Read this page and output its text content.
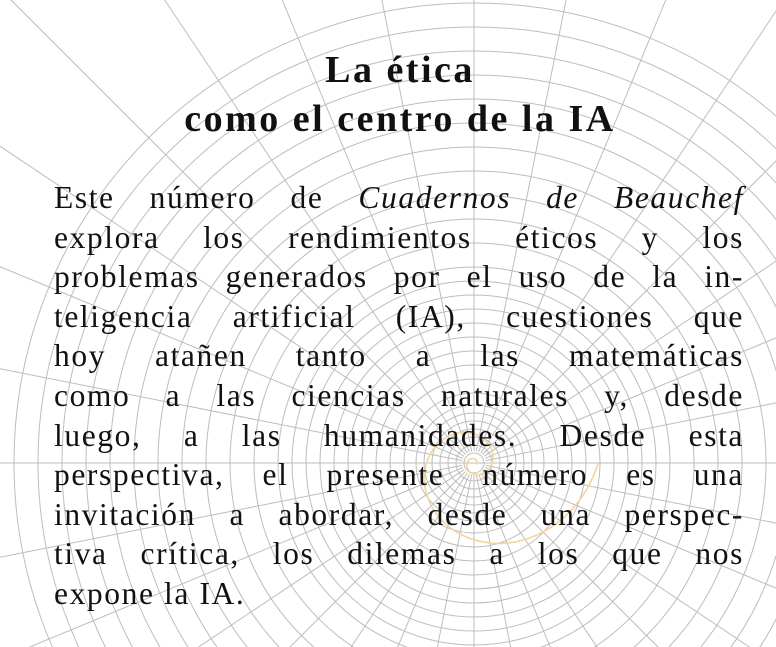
La ética
como el centro de la IA
Este número de Cuadernos de Beauchef
explora los rendimientos éticos y los
problemas generados por el uso de la in-
teligencia artificial (IA), cuestiones que
hoy atañen tanto a las matemáticas
como a las ciencias naturales y, desde
luego, a las humanidades. Desde esta
perspectiva, el presente número es una
invitación a abordar, desde una perspec-
tiva crítica, los dilemas a los que nos
expone la IA.
